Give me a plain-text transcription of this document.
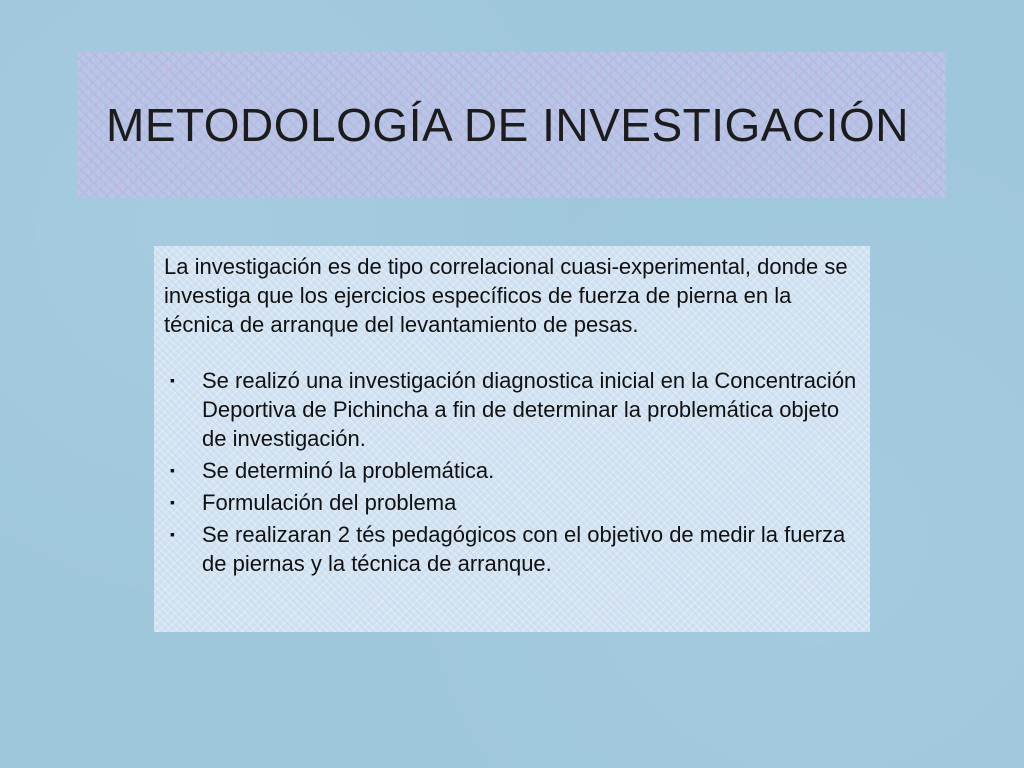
METODOLOGÍA DE INVESTIGACIÓN

La investigación es de tipo correlacional cuasi-experimental, donde se investiga que los ejercicios específicos de fuerza de pierna en la técnica de arranque del levantamiento de pesas.

▪ Se realizó una investigación diagnostica inicial en la Concentración Deportiva de Pichincha a fin de determinar la problemática objeto de investigación.
▪ Se determinó la problemática.
▪ Formulación del problema
▪ Se realizaran 2 tés pedagógicos con el objetivo de medir la fuerza de piernas y la técnica de arranque.
